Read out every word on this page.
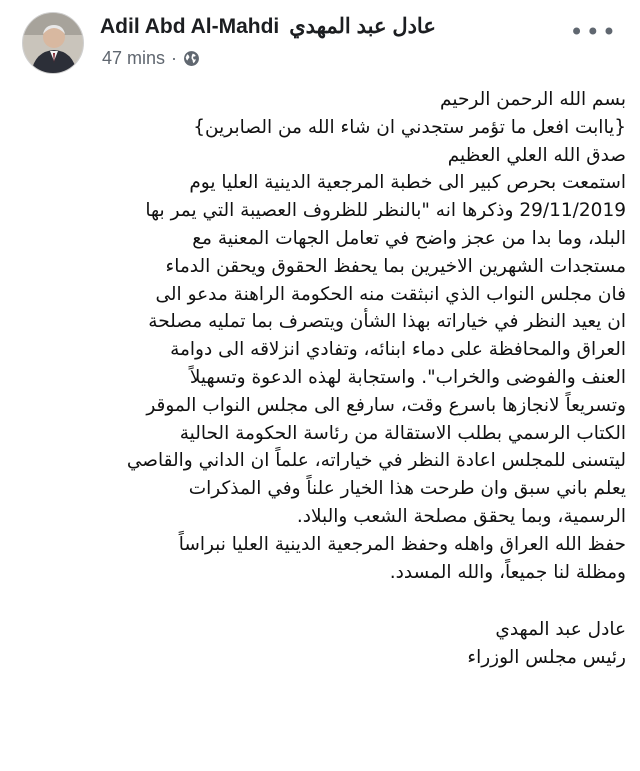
Adil Abd Al-Mahdi عادل عبد المهدي
47 mins ·
•••

بسم الله الرحمن الرحيم

{ياابت افعل ما تؤمر ستجدني ان شاء الله من الصابرين}

صدق الله العلي العظيم

استمعت بحرص كبير الى خطبة المرجعية الدينية العليا يوم

29/11/2019 وذكرها انه "بالنظر للظروف العصيبة التي يمر بها

البلد، وما بدا من عجز واضح في تعامل الجهات المعنية مع

مستجدات الشهرين الاخيرين بما يحفظ الحقوق ويحقن الدماء

فان مجلس النواب الذي انبثقت منه الحكومة الراهنة مدعو الى

ان يعيد النظر في خياراته بهذا الشأن ويتصرف بما تمليه مصلحة

العراق والمحافظة على دماء ابنائه، وتفادي انزلاقه الى دوامة

العنف والفوضى والخراب". واستجابة لهذه الدعوة وتسهيلاً

وتسريعاً لانجازها باسرع وقت، سارفع الى مجلس النواب الموقر

الكتاب الرسمي بطلب الاستقالة من رئاسة الحكومة الحالية

ليتسنى للمجلس اعادة النظر في خياراته، علماً ان الداني والقاصي

يعلم باني سبق وان طرحت هذا الخيار علناً وفي المذكرات

الرسمية، وبما يحقق مصلحة الشعب والبلاد.

حفظ الله العراق واهله وحفظ المرجعية الدينية العليا نبراساً

ومظلة لنا جميعاً، والله المسدد.

عادل عبد المهدي

رئيس مجلس الوزراء
